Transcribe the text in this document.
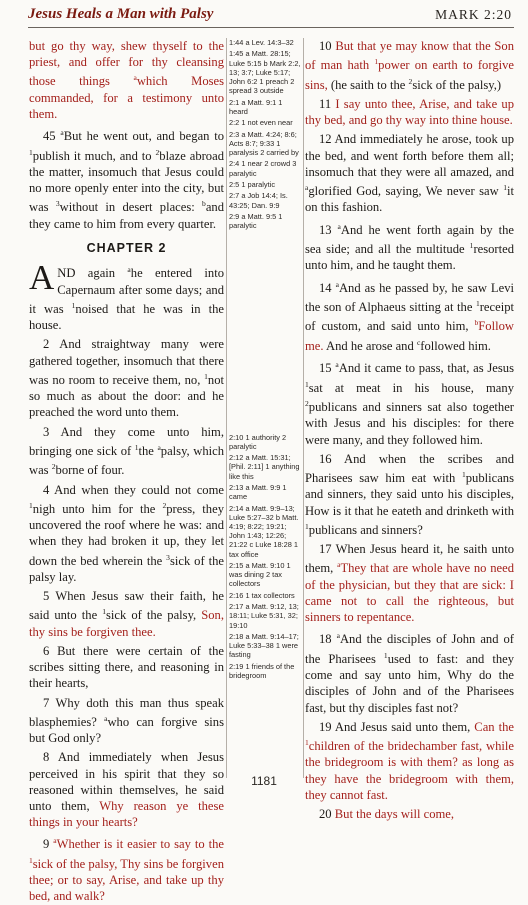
Jesus Heals a Man with Palsy	MARK 2:20

but go thy way, shew thyself to the priest, and offer for thy cleansing those things $^a$which Moses commanded, for a testimony unto them.

45 $^a$But he went out, and began to $^1$publish it much, and to $^2$blaze abroad the matter, insomuch that Jesus could no more openly enter into the city, but was $^3$without in desert places: $^b$and they came to him from every quarter.

CHAPTER 2

AND again $^a$he entered into Capernaum after some days; and it was $^1$noised that he was in the house.

2 And straightway many were gathered together, insomuch that there was no room to receive them, no, $^1$not so much as about the door: and he preached the word unto them.

3 And they come unto him, bringing one sick of $^1$the $^a$palsy, which was $^2$borne of four.

4 And when they could not come $^1$nigh unto him for the $^2$press, they uncovered the roof where he was: and when they had broken it up, they let down the bed wherein the $^3$sick of the palsy lay.

5 When Jesus saw their faith, he said unto the $^1$sick of the palsy, Son, thy sins be forgiven thee.

6 But there were certain of the scribes sitting there, and reasoning in their hearts,

7 Why doth this man thus speak blasphemies? $^a$who can forgive sins but God only?

8 And immediately when Jesus perceived in his spirit that they so reasoned within themselves, he said unto them, Why reason ye these things in your hearts?

9 $^a$Whether is it easier to say to the $^1$sick of the palsy, Thy sins be forgiven thee; or to say, Arise, and take up thy bed, and walk?

1:44 a Lev. 14:3–32
1:45 a Matt. 28:15; Luke 5:15 b Mark 2:2, 13; 3:7; Luke 5:17; John 6:2 1 preach 2 spread 3 outside
2:1 a Matt. 9:1 1 heard
2:2 1 not even near
2:3 a Matt. 4:24; 8:6; Acts 8:7; 9:33 1 paralysis 2 carried by
2:4 1 near 2 crowd 3 paralytic
2:5 1 paralytic
2:7 a Job 14:4; Is. 43:25; Dan. 9:9
2:9 a Matt. 9:5 1 paralytic
2:10 1 authority 2 paralytic
2:12 a Matt. 15:31; [Phil. 2:11] 1 anything like this
2:13 a Matt. 9:9 1 came
2:14 a Matt. 9:9–13; Luke 5:27–32 b Matt. 4:19; 8:22; 19:21; John 1:43; 12:26; 21:22 c Luke 18:28 1 tax office
2:15 a Matt. 9:10 1 was dining 2 tax collectors
2:16 1 tax collectors
2:17 a Matt. 9:12, 13; 18:11; Luke 5:31, 32; 19:10
2:18 a Matt. 9:14–17; Luke 5:33–38 1 were fasting
2:19 1 friends of the bridegroom

10 But that ye may know that the Son of man hath $^1$power on earth to forgive sins, (he saith to the $^2$sick of the palsy,)

11 I say unto thee, Arise, and take up thy bed, and go thy way into thine house.

12 And immediately he arose, took up the bed, and went forth before them all; insomuch that they were all amazed, and $^a$glorified God, saying, We never saw $^1$it on this fashion.

13 $^a$And he went forth again by the sea side; and all the multitude $^1$resorted unto him, and he taught them.

14 $^a$And as he passed by, he saw Levi the son of Alphaeus sitting at the $^1$receipt of custom, and said unto him, $^b$Follow me. And he arose and $^c$followed him.

15 $^a$And it came to pass, that, as Jesus $^1$sat at meat in his house, many $^2$publicans and sinners sat also together with Jesus and his disciples: for there were many, and they followed him.

16 And when the scribes and Pharisees saw him eat with $^1$publicans and sinners, they said unto his disciples, How is it that he eateth and drinketh with $^1$publicans and sinners?

17 When Jesus heard it, he saith unto them, $^a$They that are whole have no need of the physician, but they that are sick: I came not to call the righteous, but sinners to repentance.

18 $^a$And the disciples of John and of the Pharisees $^1$used to fast: and they come and say unto him, Why do the disciples of John and of the Pharisees fast, but thy disciples fast not?

19 And Jesus said unto them, Can the $^1$children of the bridechamber fast, while the bridegroom is with them? as long as they have the bridegroom with them, they cannot fast.

20 But the days will come,

1181
